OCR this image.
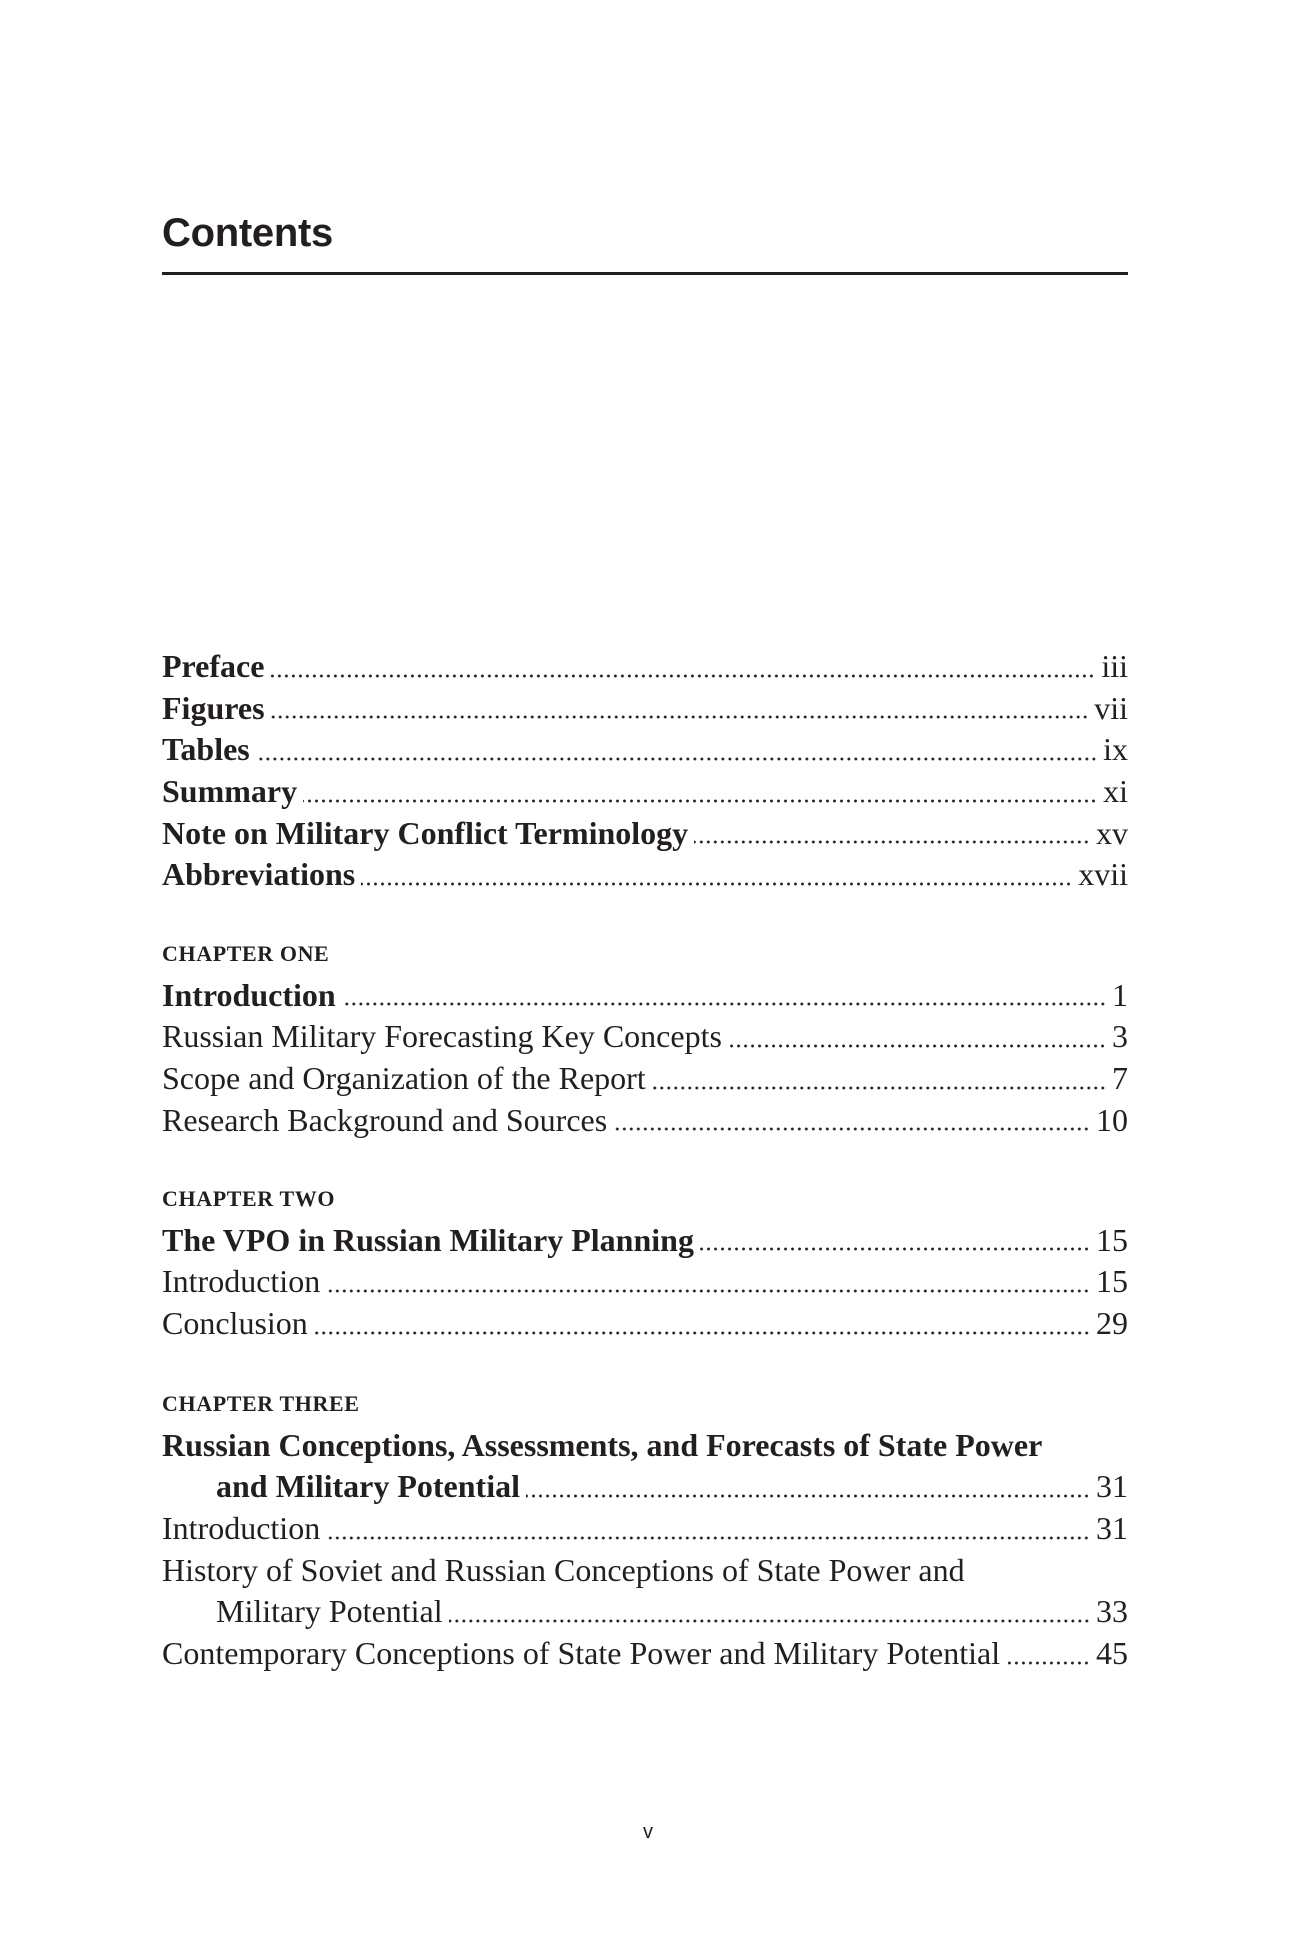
Contents
Preface	iii
Figures	vii
Tables	ix
Summary	xi
Note on Military Conflict Terminology	xv
Abbreviations	xvii
CHAPTER ONE
Introduction	1
Russian Military Forecasting Key Concepts	3
Scope and Organization of the Report	7
Research Background and Sources	10
CHAPTER TWO
The VPO in Russian Military Planning	15
Introduction	15
Conclusion	29
CHAPTER THREE
Russian Conceptions, Assessments, and Forecasts of State Power
and Military Potential	31
Introduction	31
History of Soviet and Russian Conceptions of State Power and
Military Potential	33
Contemporary Conceptions of State Power and Military Potential	45
v
